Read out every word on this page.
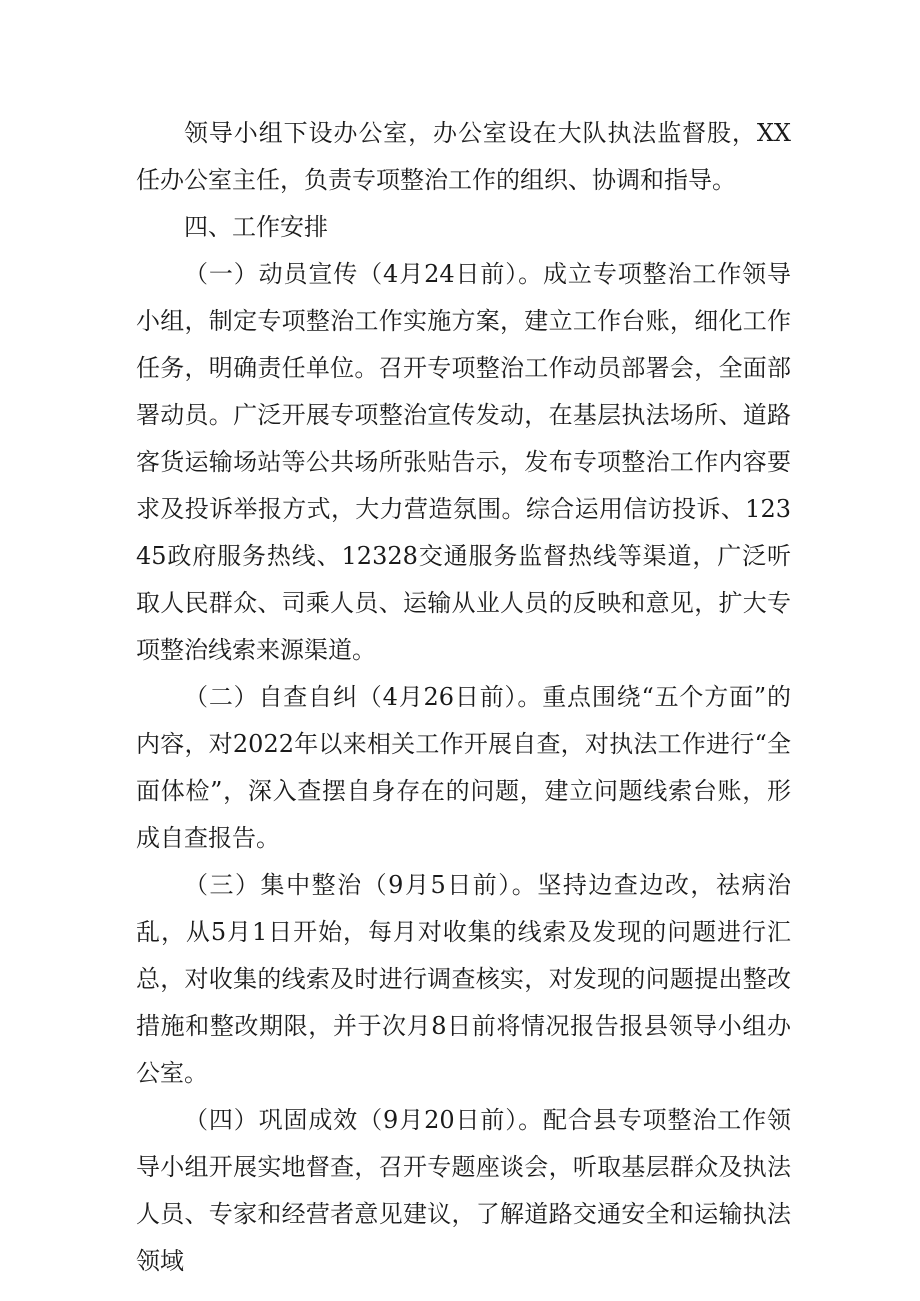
领导小组下设办公室，办公室设在大队执法监督股，XX任办公室主任，负责专项整治工作的组织、协调和指导。

四、工作安排

（一）动员宣传（4月24日前）。成立专项整治工作领导小组，制定专项整治工作实施方案，建立工作台账，细化工作任务，明确责任单位。召开专项整治工作动员部署会，全面部署动员。广泛开展专项整治宣传发动，在基层执法场所、道路客货运输场站等公共场所张贴告示，发布专项整治工作内容要求及投诉举报方式，大力营造氛围。综合运用信访投诉、12345政府服务热线、12328交通服务监督热线等渠道，广泛听取人民群众、司乘人员、运输从业人员的反映和意见，扩大专项整治线索来源渠道。

（二）自查自纠（4月26日前）。重点围绕“五个方面”的内容，对2022年以来相关工作开展自查，对执法工作进行“全面体检”，深入查摆自身存在的问题，建立问题线索台账，形成自查报告。

（三）集中整治（9月5日前）。坚持边查边改，祛病治乱，从5月1日开始，每月对收集的线索及发现的问题进行汇总，对收集的线索及时进行调查核实，对发现的问题提出整改措施和整改期限，并于次月8日前将情况报告报县领导小组办公室。

（四）巩固成效（9月20日前）。配合县专项整治工作领导小组开展实地督查，召开专题座谈会，听取基层群众及执法人员、专家和经营者意见建议，了解道路交通安全和运输执法领域
